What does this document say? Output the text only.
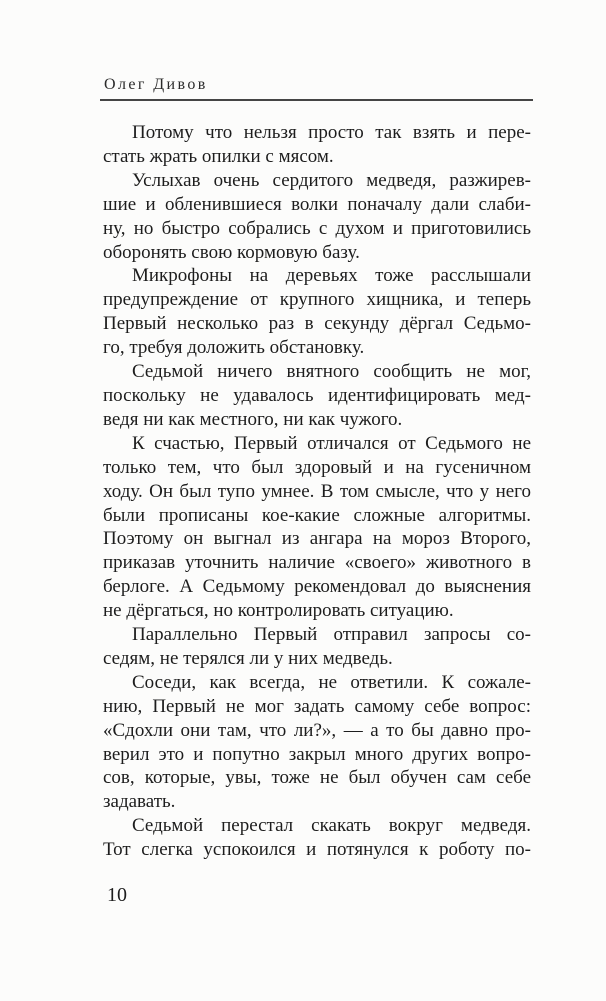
Олег Дивов

Потому что нельзя просто так взять и пере-
стать жрать опилки с мясом.

Услыхав очень сердитого медведя, разжирев-
шие и обленившиеся волки поначалу дали слаби-
ну, но быстро собрались с духом и приготовились
оборонять свою кормовую базу.

Микрофоны на деревьях тоже расслышали
предупреждение от крупного хищника, и теперь
Первый несколько раз в секунду дёргал Седьмо-
го, требуя доложить обстановку.

Седьмой ничего внятного сообщить не мог,
поскольку не удавалось идентифицировать мед-
ведя ни как местного, ни как чужого.

К счастью, Первый отличался от Седьмого не
только тем, что был здоровый и на гусеничном
ходу. Он был тупо умнее. В том смысле, что у него
были прописаны кое-какие сложные алгоритмы.
Поэтому он выгнал из ангара на мороз Второго,
приказав уточнить наличие «своего» животного в
берлоге. А Седьмому рекомендовал до выяснения
не дёргаться, но контролировать ситуацию.

Параллельно Первый отправил запросы со-
седям, не терялся ли у них медведь.

Соседи, как всегда, не ответили. К сожале-
нию, Первый не мог задать самому себе вопрос:
«Сдохли они там, что ли?», — а то бы давно про-
верил это и попутно закрыл много других вопро-
сов, которые, увы, тоже не был обучен сам себе
задавать.

Седьмой перестал скакать вокруг медведя.
Тот слегка успокоился и потянулся к роботу по-

10
